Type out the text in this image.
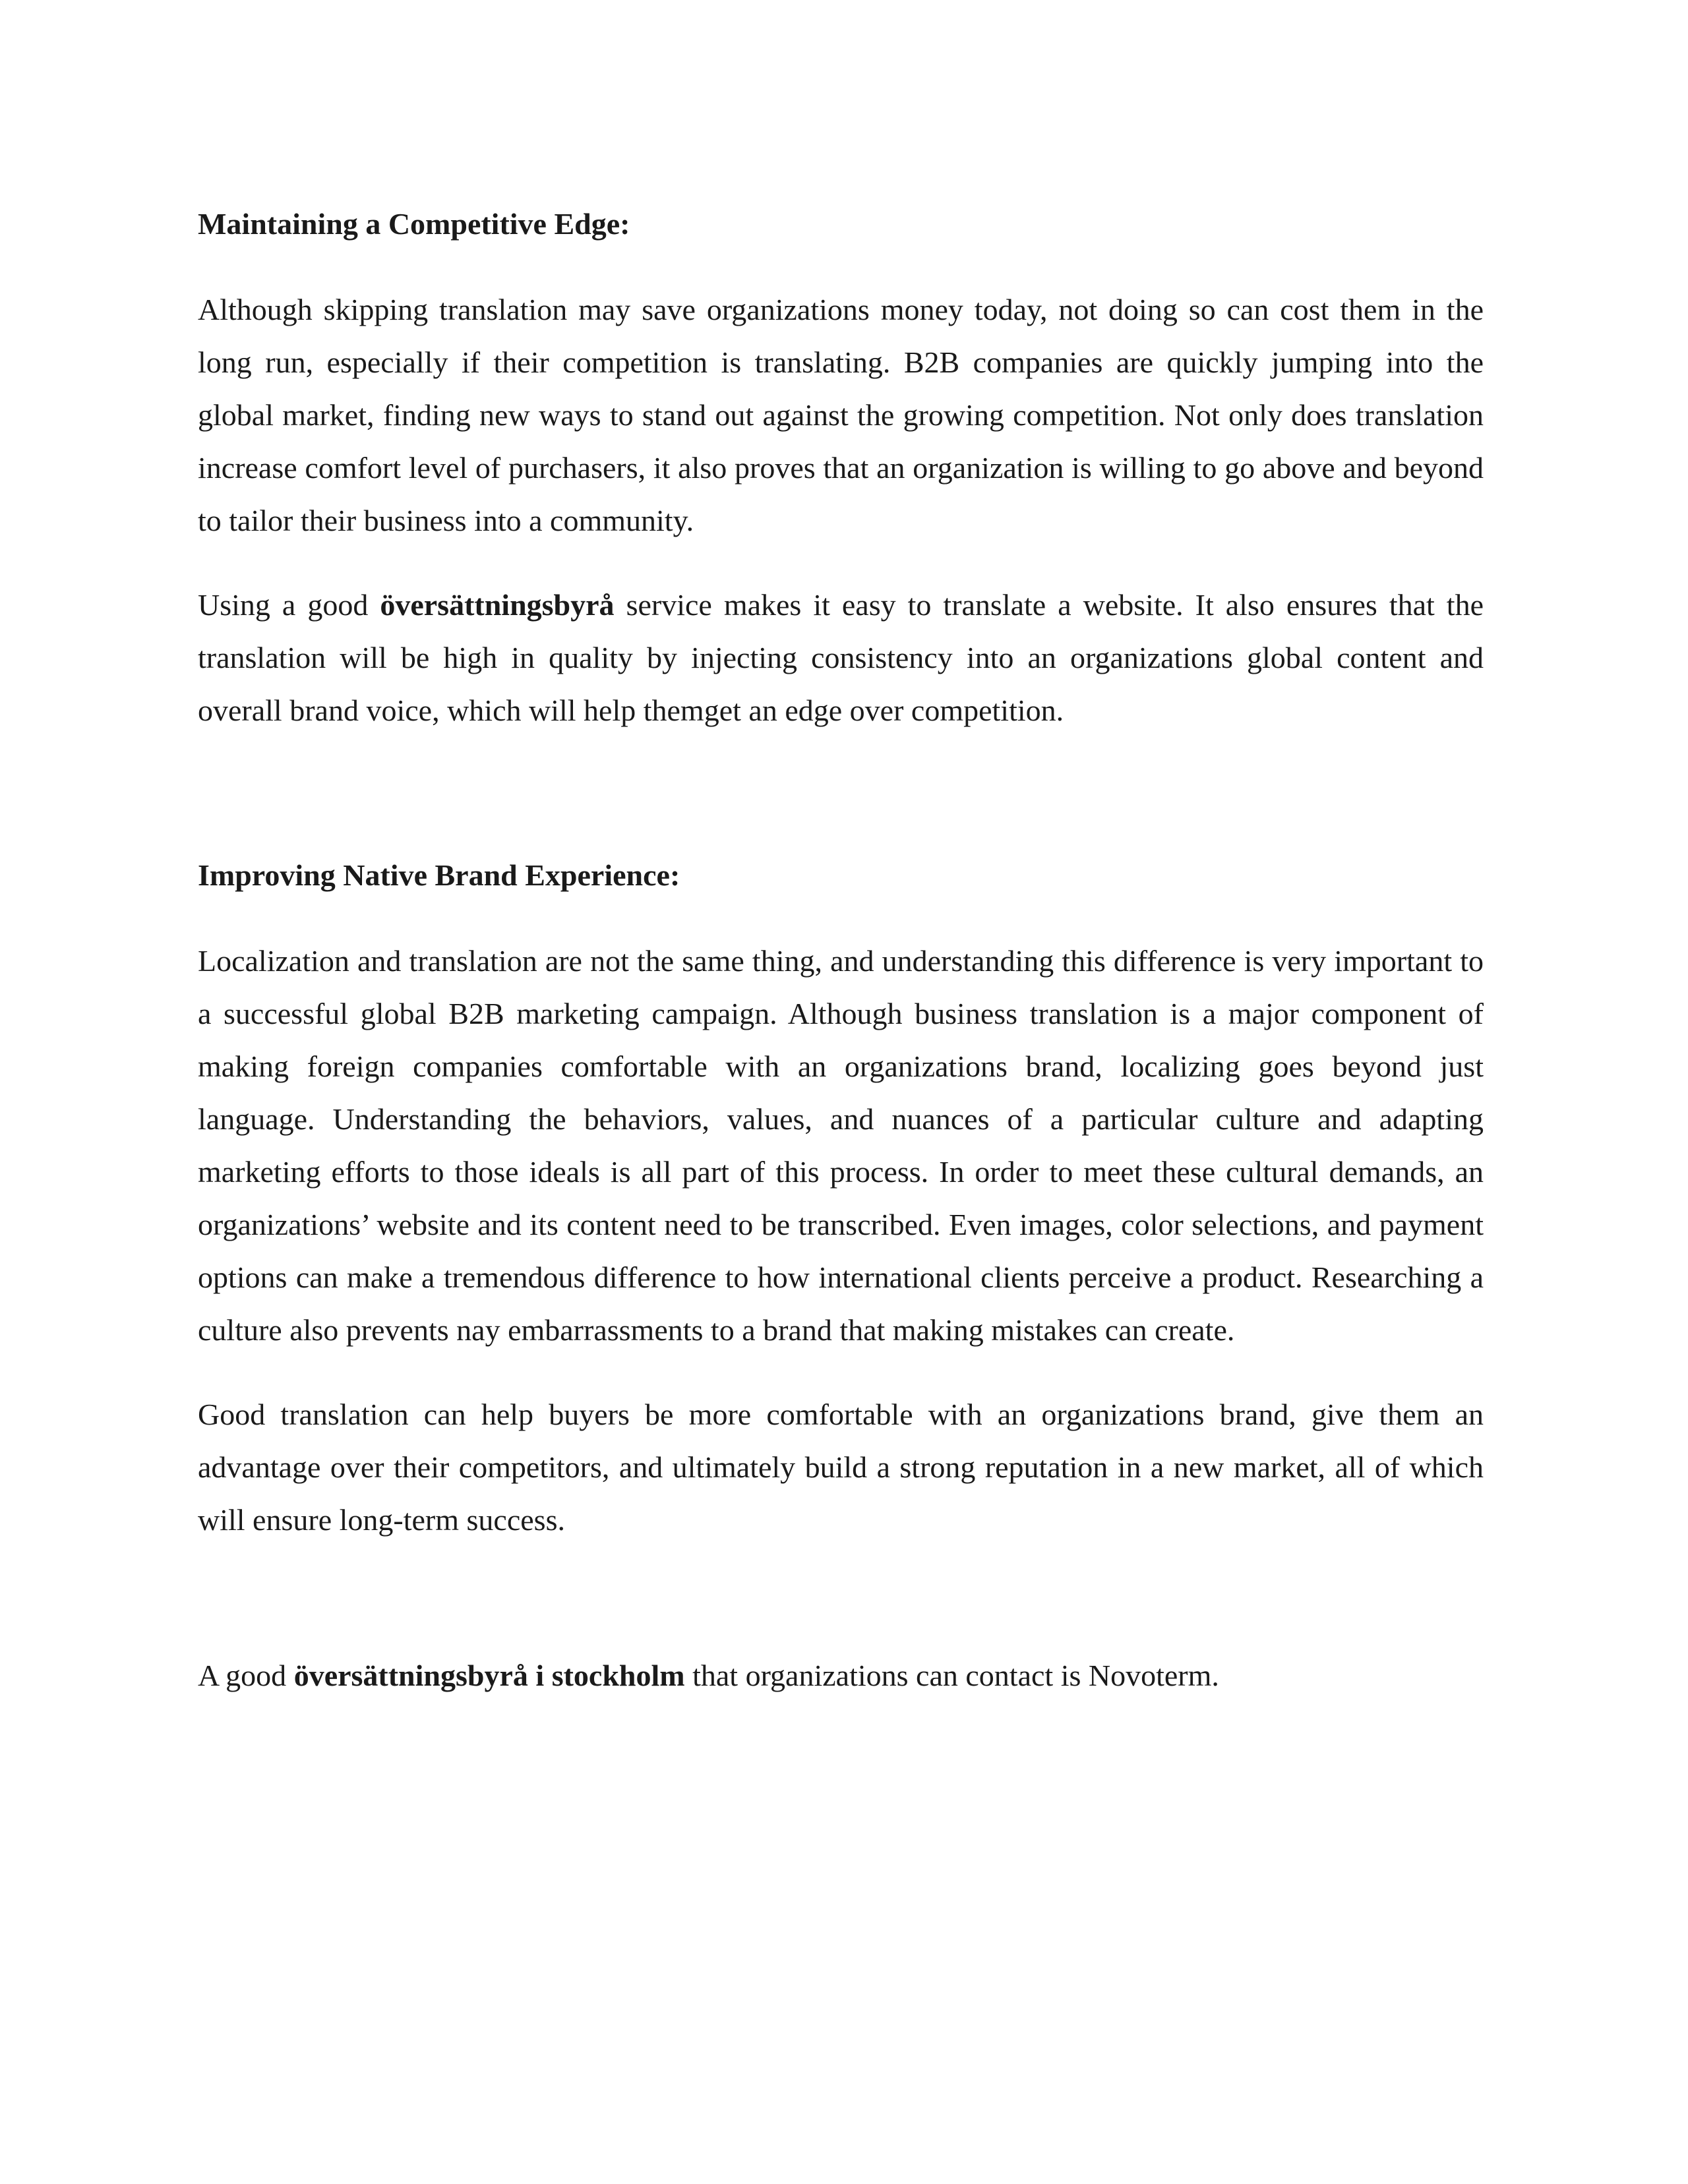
Maintaining a Competitive Edge:

Although skipping translation may save organizations money today, not doing so can cost them in the long run, especially if their competition is translating. B2B companies are quickly jumping into the global market, finding new ways to stand out against the growing competition. Not only does translation increase comfort level of purchasers, it also proves that an organization is willing to go above and beyond to tailor their business into a community.

Using a good översättningsbyrå service makes it easy to translate a website. It also ensures that the translation will be high in quality by injecting consistency into an organizations global content and overall brand voice, which will help themget an edge over competition.

Improving Native Brand Experience:

Localization and translation are not the same thing, and understanding this difference is very important to a successful global B2B marketing campaign. Although business translation is a major component of making foreign companies comfortable with an organizations brand, localizing goes beyond just language. Understanding the behaviors, values, and nuances of a particular culture and adapting marketing efforts to those ideals is all part of this process. In order to meet these cultural demands, an organizations’ website and its content need to be transcribed. Even images, color selections, and payment options can make a tremendous difference to how international clients perceive a product. Researching a culture also prevents nay embarrassments to a brand that making mistakes can create.

Good translation can help buyers be more comfortable with an organizations brand, give them an advantage over their competitors, and ultimately build a strong reputation in a new market, all of which will ensure long-term success.

A good översättningsbyrå i stockholm that organizations can contact is Novoterm.
